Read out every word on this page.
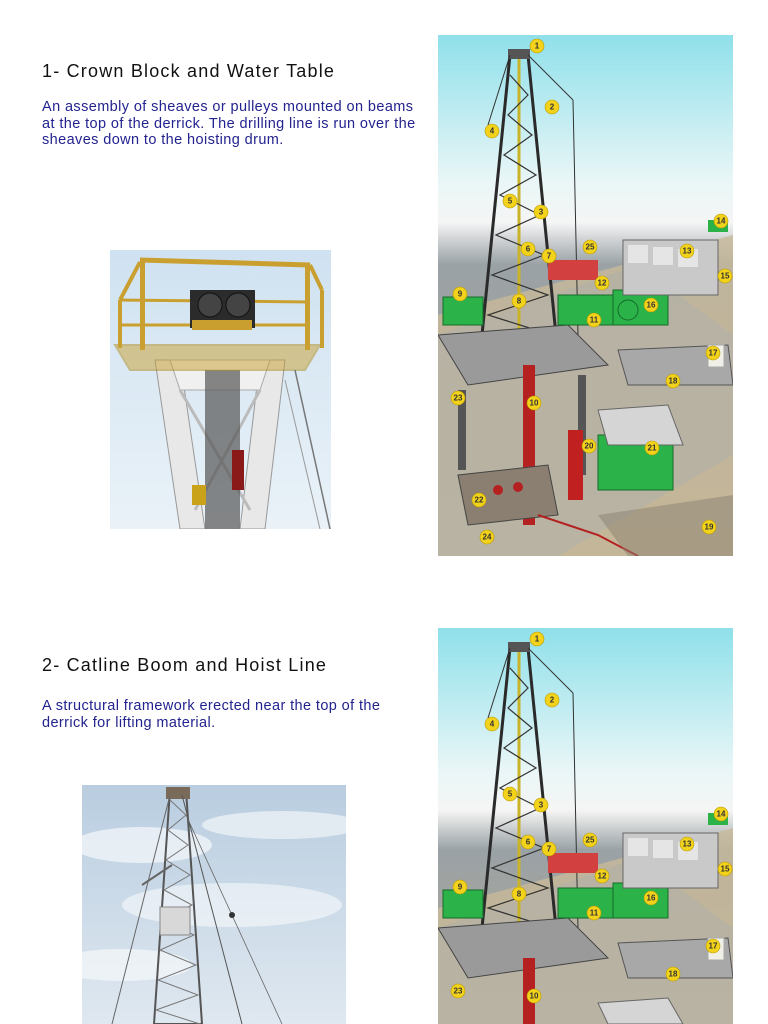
1- Crown Block and Water Table

An assembly of sheaves or pulleys mounted on beams at the top of the derrick. The drilling line is run over the sheaves down to the hoisting drum.

1
2
3
4
5
6
7
8
9
10
11
12
13
14
15
16
17
18
19
20	21
22
23
24
25
2- Catline Boom and Hoist Line

A structural framework erected near the top of the derrick for lifting material.

1
2
3
4
5
6
7
8
9
10
11
12
13
14
15
16
17
18
23
25
